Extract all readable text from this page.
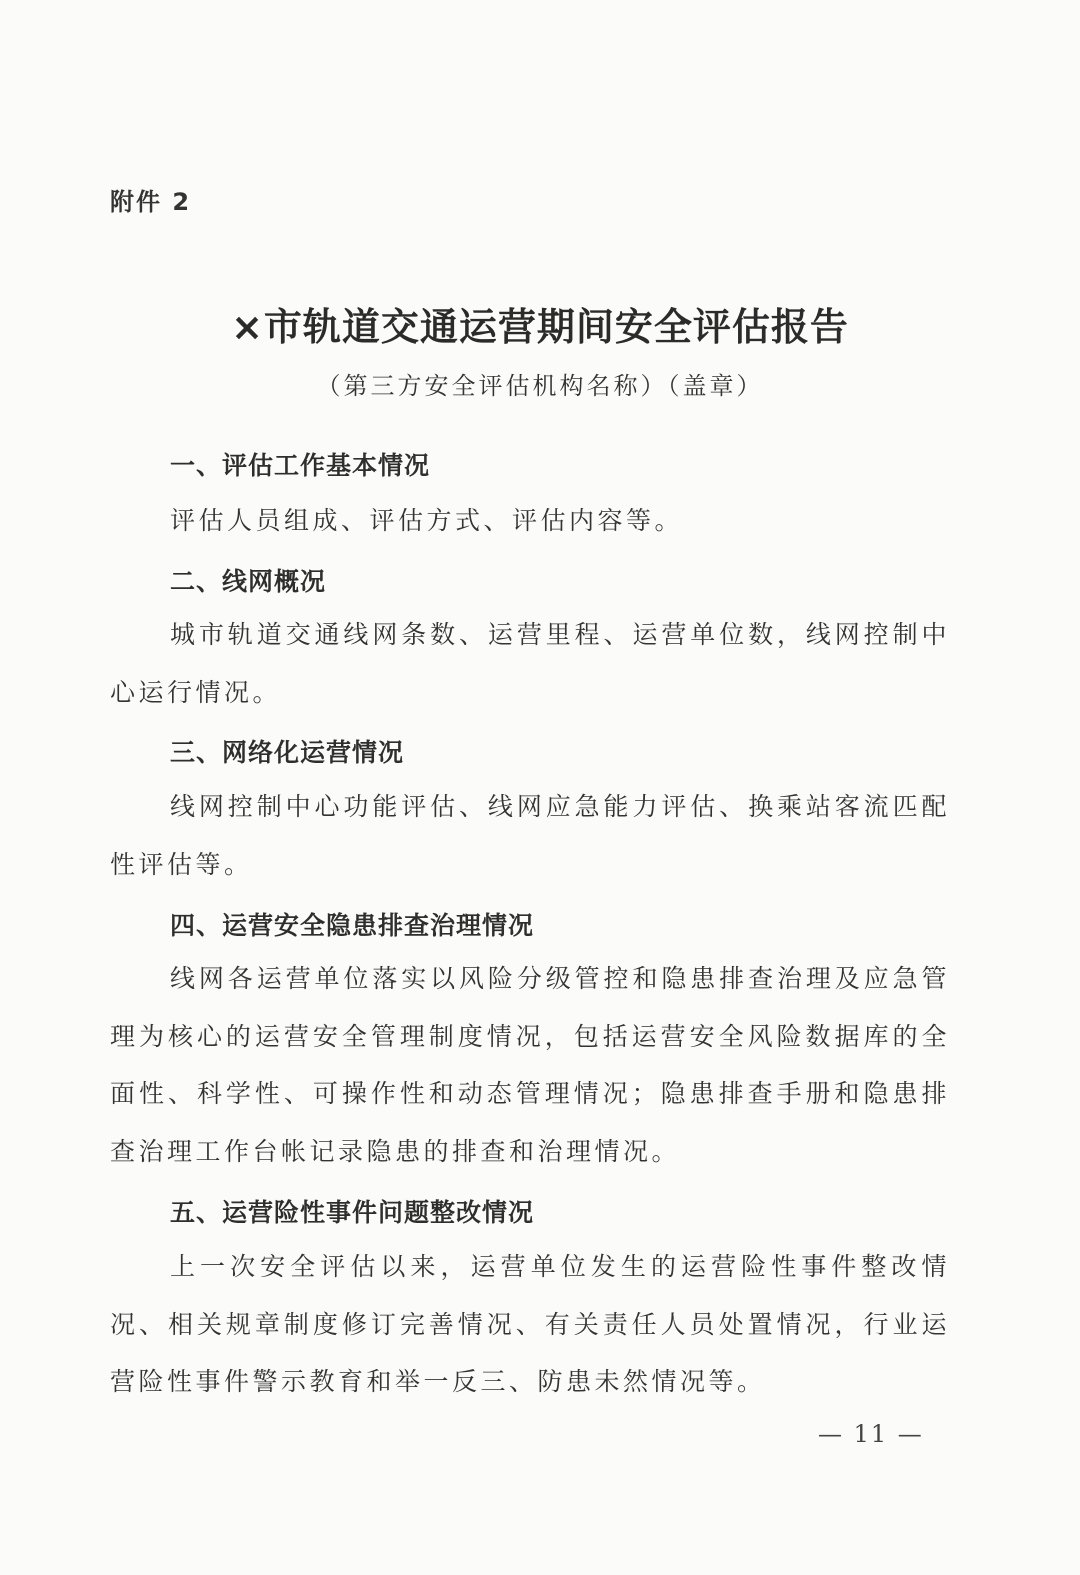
附件 2
×市轨道交通运营期间安全评估报告
（第三方安全评估机构名称）（盖章）
一、评估工作基本情况
评估人员组成、评估方式、评估内容等。
二、线网概况
城市轨道交通线网条数、运营里程、运营单位数，线网控制中心运行情况。
三、网络化运营情况
线网控制中心功能评估、线网应急能力评估、换乘站客流匹配性评估等。
四、运营安全隐患排查治理情况
线网各运营单位落实以风险分级管控和隐患排查治理及应急管理为核心的运营安全管理制度情况，包括运营安全风险数据库的全面性、科学性、可操作性和动态管理情况；隐患排查手册和隐患排查治理工作台帐记录隐患的排查和治理情况。
五、运营险性事件问题整改情况
上一次安全评估以来，运营单位发生的运营险性事件整改情况、相关规章制度修订完善情况、有关责任人员处置情况，行业运营险性事件警示教育和举一反三、防患未然情况等。
— 11 —
